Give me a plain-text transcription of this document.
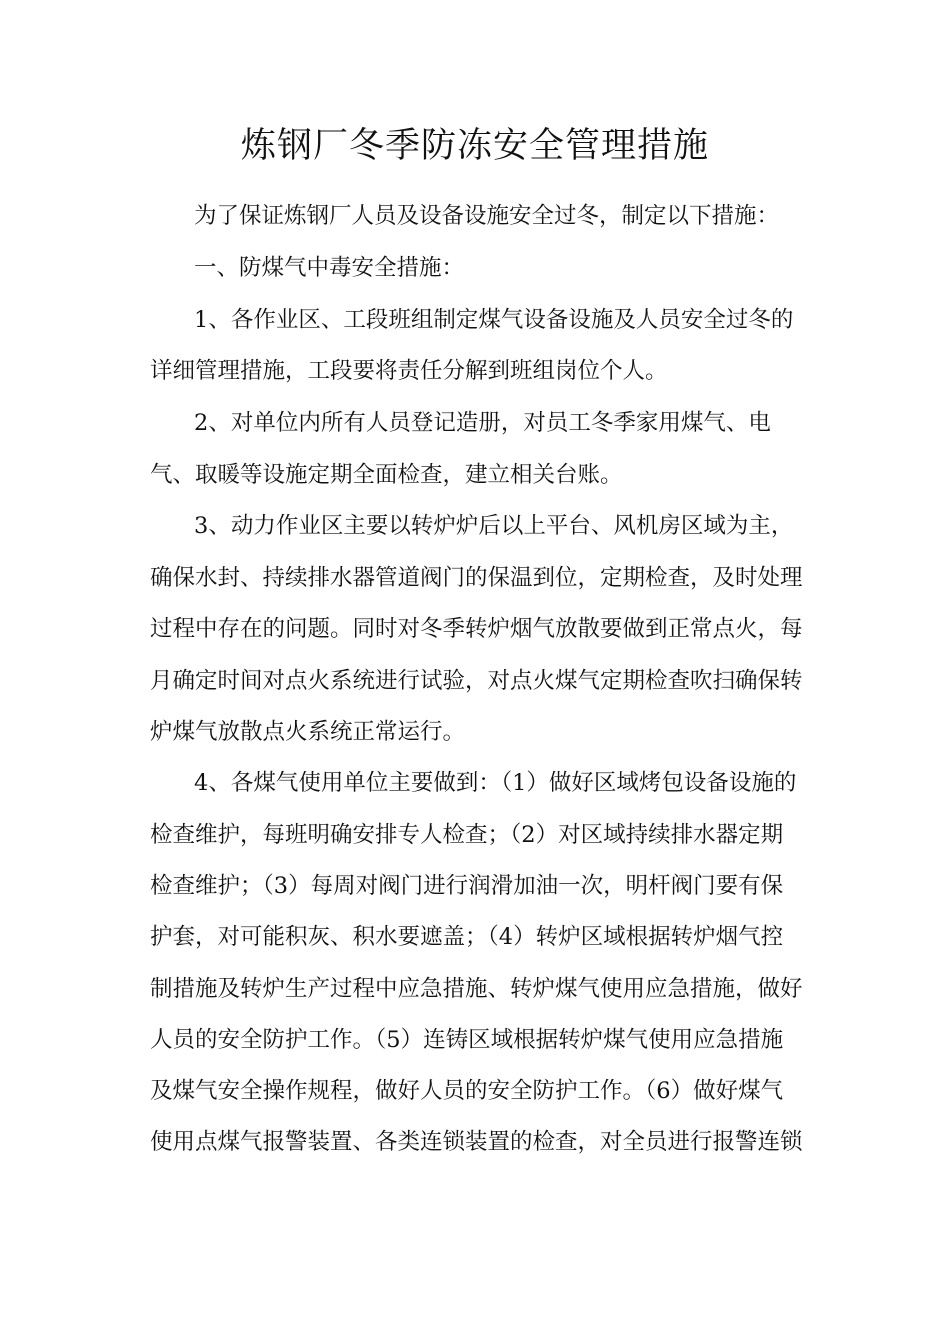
炼钢厂冬季防冻安全管理措施

为了保证炼钢厂人员及设备设施安全过冬，制定以下措施：

一、防煤气中毒安全措施：

1、各作业区、工段班组制定煤气设备设施及人员安全过冬的

详细管理措施，工段要将责任分解到班组岗位个人。

2、对单位内所有人员登记造册，对员工冬季家用煤气、电

气、取暖等设施定期全面检查，建立相关台账。

3、动力作业区主要以转炉炉后以上平台、风机房区域为主，

确保水封、持续排水器管道阀门的保温到位，定期检查，及时处理

过程中存在的问题。同时对冬季转炉烟气放散要做到正常点火，每

月确定时间对点火系统进行试验，对点火煤气定期检查吹扫确保转

炉煤气放散点火系统正常运行。

4、各煤气使用单位主要做到：（1）做好区域烤包设备设施的

检查维护，每班明确安排专人检查；（2）对区域持续排水器定期

检查维护；（3）每周对阀门进行润滑加油一次，明杆阀门要有保

护套，对可能积灰、积水要遮盖；（4）转炉区域根据转炉烟气控

制措施及转炉生产过程中应急措施、转炉煤气使用应急措施，做好

人员的安全防护工作。（5）连铸区域根据转炉煤气使用应急措施

及煤气安全操作规程，做好人员的安全防护工作。（6）做好煤气

使用点煤气报警装置、各类连锁装置的检查，对全员进行报警连锁
